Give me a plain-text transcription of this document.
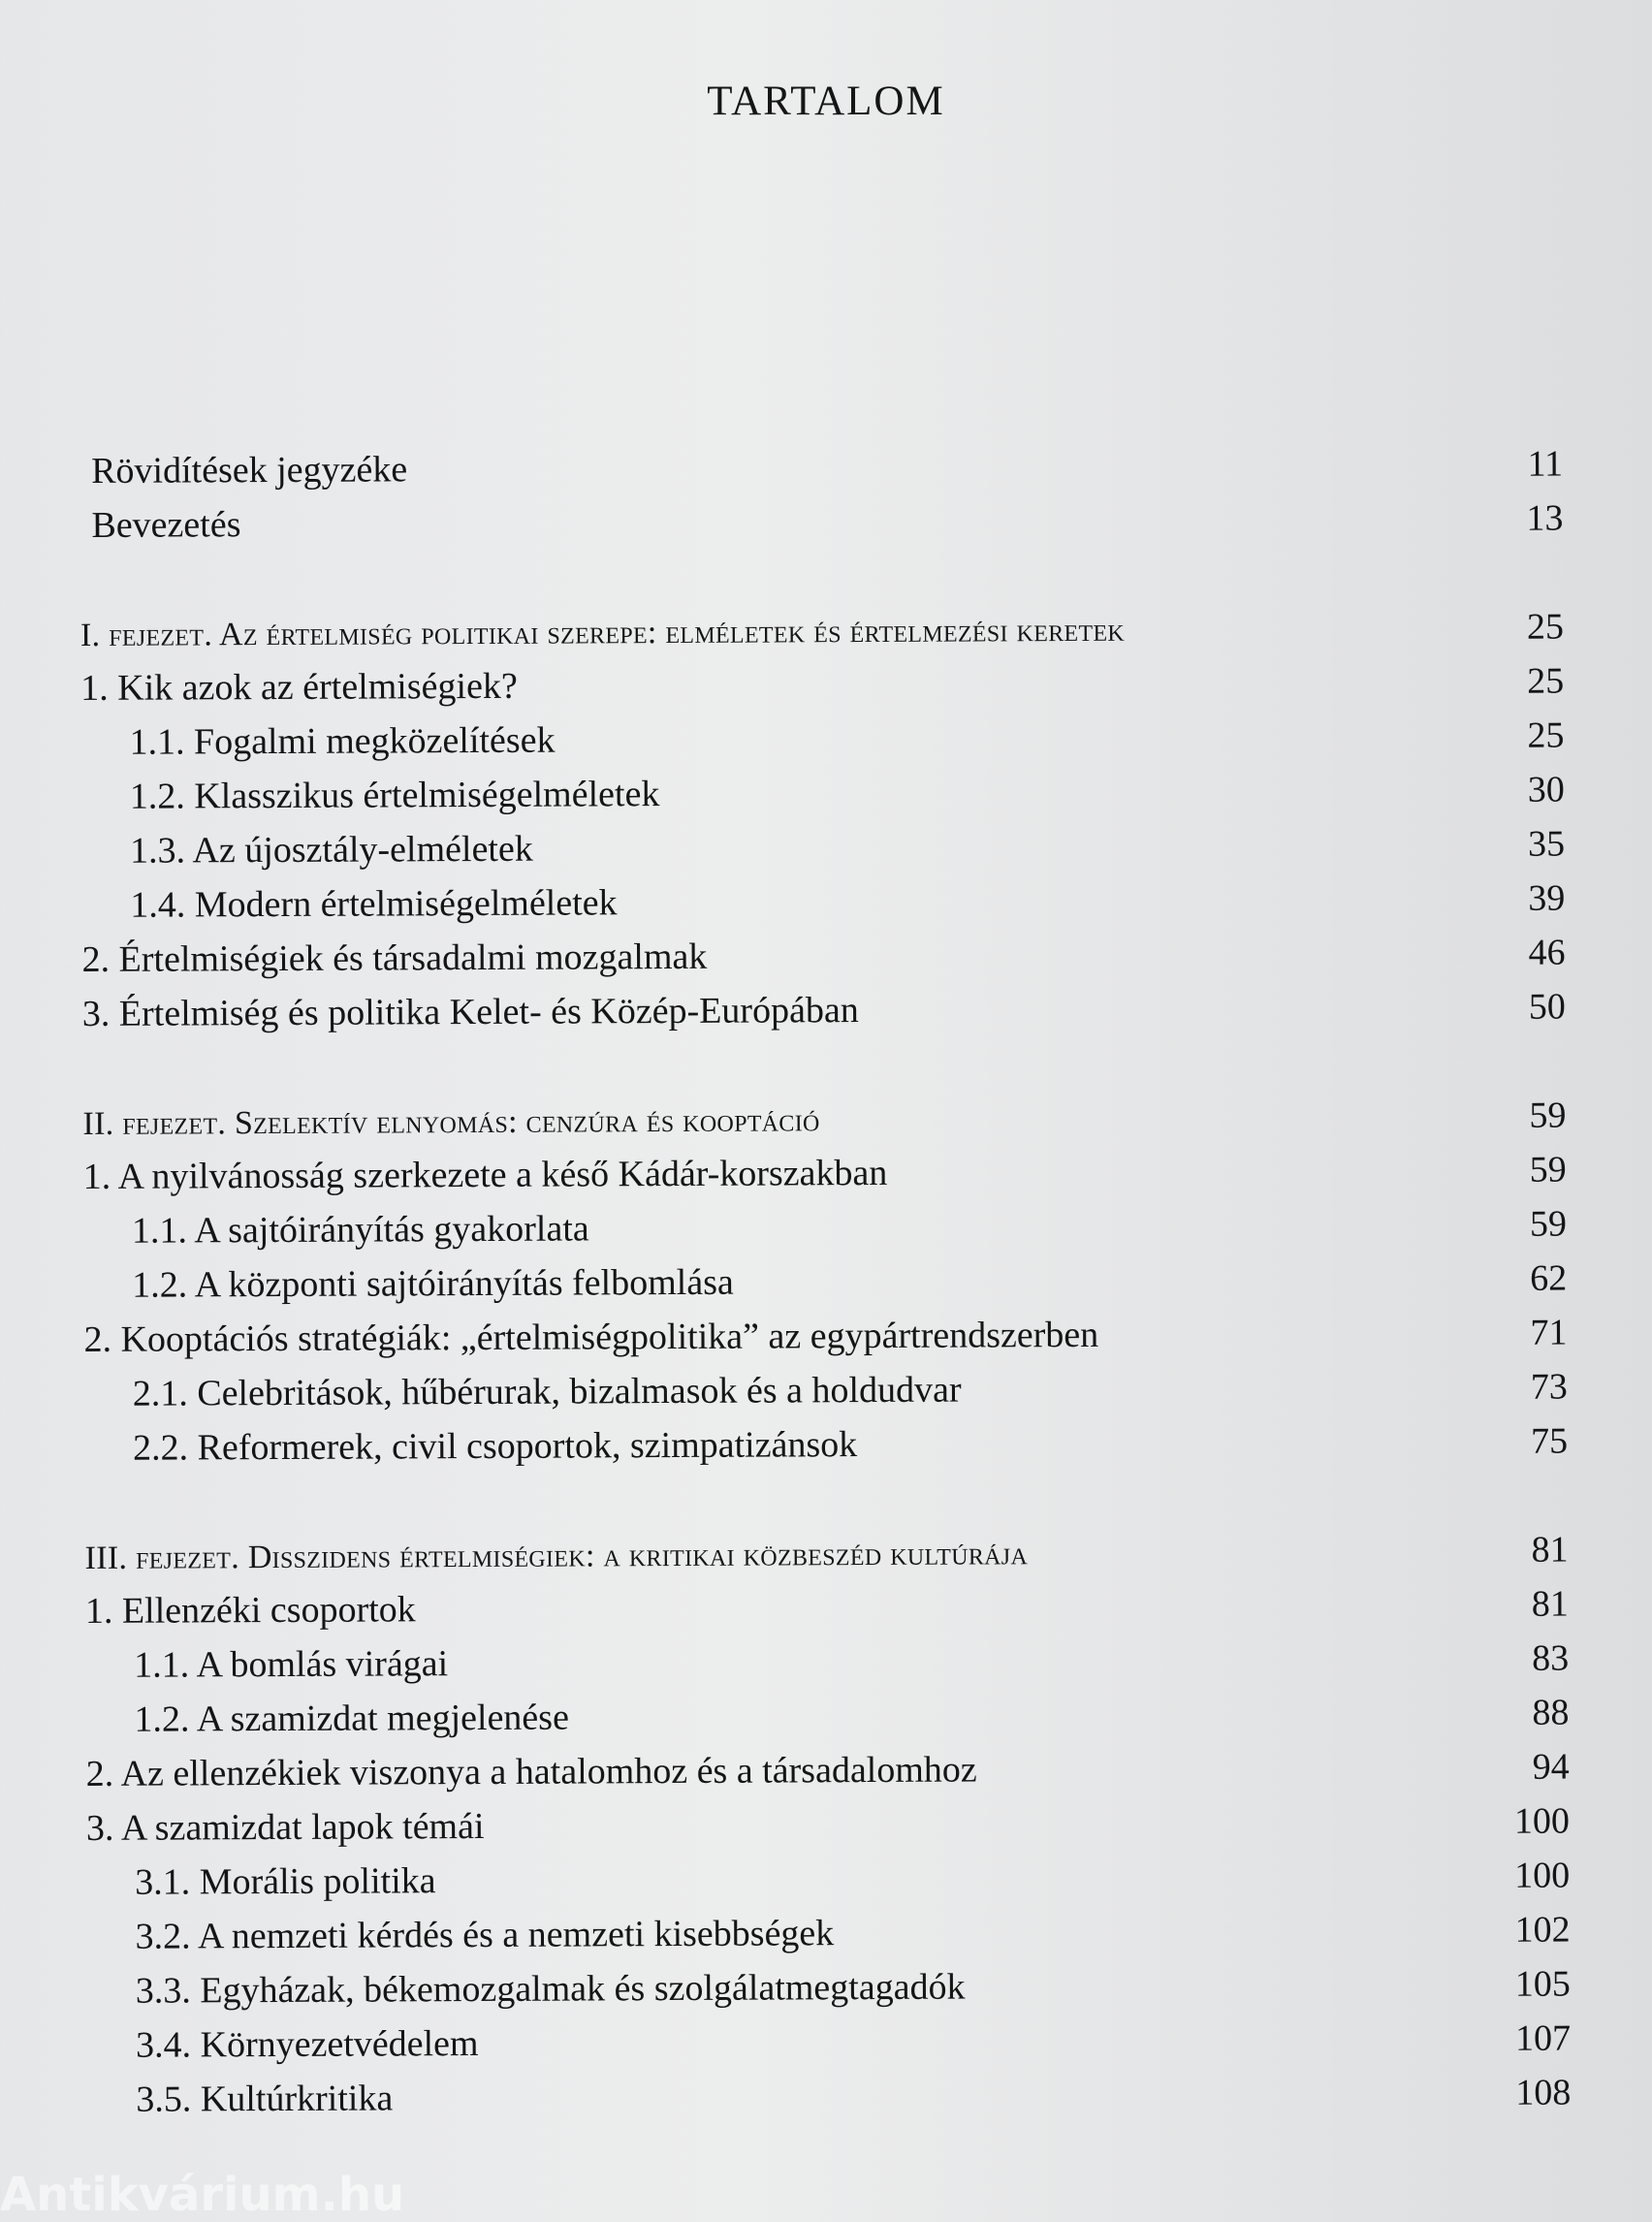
TARTALOM
Rövidítések jegyzéke	11
Bevezetés	13
I. fejezet. Az értelmiség politikai szerepe: elméletek és értelmezési keretek	25
1. Kik azok az értelmiségiek?	25
1.1. Fogalmi megközelítések	25
1.2. Klasszikus értelmiségelméletek	30
1.3. Az újosztály-elméletek	35
1.4. Modern értelmiségelméletek	39
2. Értelmiségiek és társadalmi mozgalmak	46
3. Értelmiség és politika Kelet- és Közép-Európában	50
II. fejezet. Szelektív elnyomás: cenzúra és kooptáció	59
1. A nyilvánosság szerkezete a késő Kádár-korszakban	59
1.1. A sajtóirányítás gyakorlata	59
1.2. A központi sajtóirányítás felbomlása	62
2. Kooptációs stratégiák: „értelmiségpolitika” az egypártrendszerben	71
2.1. Celebritások, hűbérurak, bizalmasok és a holdudvar	73
2.2. Reformerek, civil csoportok, szimpatizánsok	75
III. fejezet. Disszidens értelmiségiek: a kritikai közbeszéd kultúrája	81
1. Ellenzéki csoportok	81
1.1. A bomlás virágai	83
1.2. A szamizdat megjelenése	88
2. Az ellenzékiek viszonya a hatalomhoz és a társadalomhoz	94
3. A szamizdat lapok témái	100
3.1. Morális politika	100
3.2. A nemzeti kérdés és a nemzeti kisebbségek	102
3.3. Egyházak, békemozgalmak és szolgálatmegtagadók	105
3.4. Környezetvédelem	107
3.5. Kultúrkritika	108
Antikvárium.hu
